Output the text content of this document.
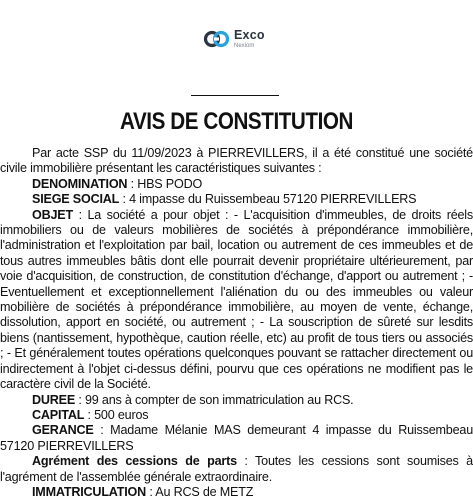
Exco
Nexiom
AVIS DE CONSTITUTION

Par acte SSP du 11/09/2023 à PIERREVILLERS, il a été constitué une société civile immobilière présentant les caractéristiques suivantes :

DENOMINATION : HBS PODO

SIEGE SOCIAL : 4 impasse du Ruissembeau 57120 PIERREVILLERS

OBJET : La société a pour objet : - L'acquisition d'immeubles, de droits réels immobiliers ou de valeurs mobilières de sociétés à prépondérance immobilière, l'administration et l'exploitation par bail, location ou autrement de ces immeubles et de tous autres immeubles bâtis dont elle pourrait devenir propriétaire ultérieurement, par voie d'acquisition, de construction, de constitution d'échange, d'apport ou autrement ; - Eventuellement et exceptionnellement l'aliénation du ou des immeubles ou valeur mobilière de sociétés à prépondérance immobilière, au moyen de vente, échange, dissolution, apport en société, ou autrement ; - La souscription de sûreté sur lesdits biens (nantissement, hypothèque, caution réelle, etc) au profit de tous tiers ou associés ; - Et généralement toutes opérations quelconques pouvant se rattacher directement ou indirectement à l'objet ci-dessus défini, pourvu que ces opérations ne modifient pas le caractère civil de la Société.

DUREE : 99 ans à compter de son immatriculation au RCS.

CAPITAL : 500 euros

GERANCE : Madame Mélanie MAS demeurant 4 impasse du Ruissembeau 57120 PIERREVILLERS

Agrément des cessions de parts : Toutes les cessions sont soumises à l'agrément de l'assemblée générale extraordinaire.

IMMATRICULATION : Au RCS de METZ
